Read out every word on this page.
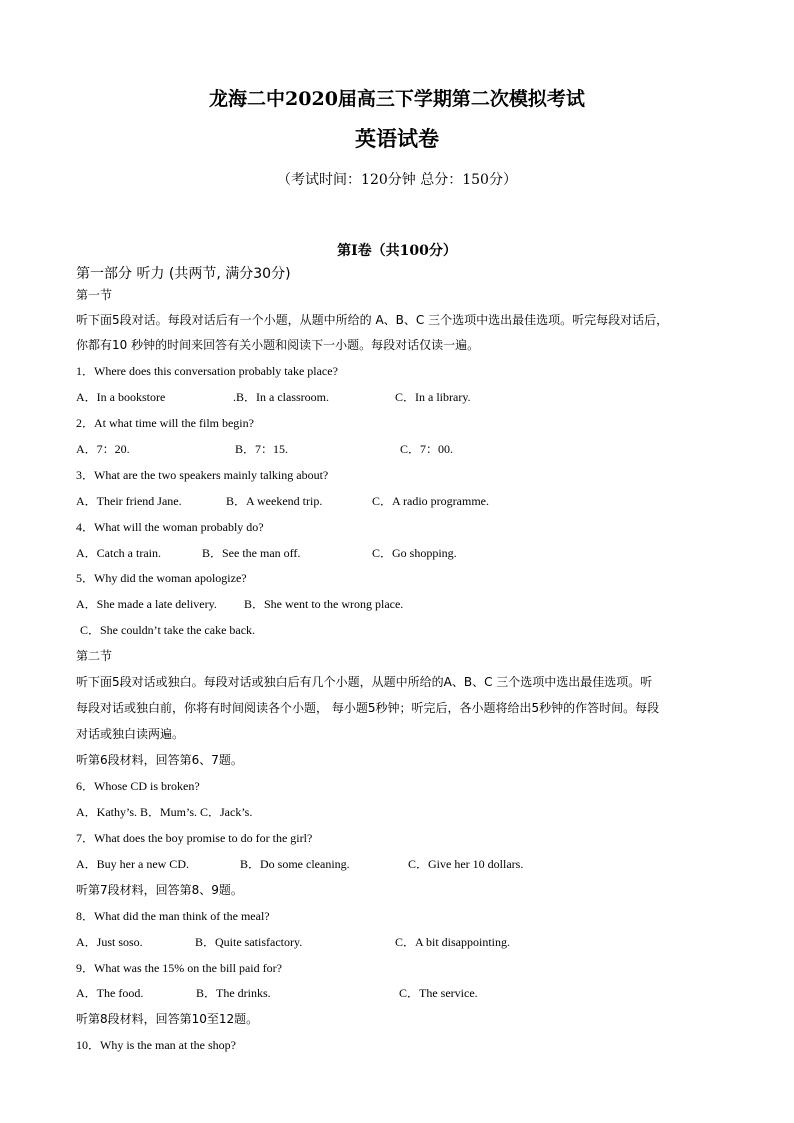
龙海二中2020届高三下学期第二次模拟考试
英语试卷
（考试时间：120分钟 总分：150分）
第I卷（共100分）
第一部分 听力 (共两节, 满分30分)
第一节
听下面5段对话。每段对话后有一个小题，从题中所给的 A、B、C 三个选项中选出最佳选项。听完每段对话后，
你都有10 秒钟的时间来回答有关小题和阅读下一小题。每段对话仅读一遍。
1．Where does this conversation probably take place?
A．In a bookstore	.B．In a classroom.	C．In a library.
2．At what time will the film begin?
A．7：20.	B．7：15.	C．7：00.
3．What are the two speakers mainly talking about?
A．Their friend Jane.	B．A weekend trip.	C．A radio programme.
4．What will the woman probably do?
A．Catch a train.	B．See the man off.	C．Go shopping.
5．Why did the woman apologize?
A．She made a late delivery. B．She went to the wrong place.
C．She couldn’t take the cake back.
第二节
听下面5段对话或独白。每段对话或独白后有几个小题，从题中所给的A、B、C 三个选项中选出最佳选项。听
每段对话或独白前，你将有时间阅读各个小题， 每小题5秒钟；听完后，各小题将给出5秒钟的作答时间。每段
对话或独白读两遍。
听第6段材料，回答第6、7题。
6．Whose CD is broken?
A．Kathy’s. B．Mum’s. C．Jack’s.
7．What does the boy promise to do for the girl?
A．Buy her a new CD.	B．Do some cleaning.	C．Give her 10 dollars.
听第7段材料，回答第8、9题。
8．What did the man think of the meal?
A．Just soso.	B．Quite satisfactory.	C．A bit disappointing.
9．What was the 15% on the bill paid for?
A．The food.	B．The drinks.	C．The service.
听第8段材料，回答第10至12题。
10．Why is the man at the shop?
